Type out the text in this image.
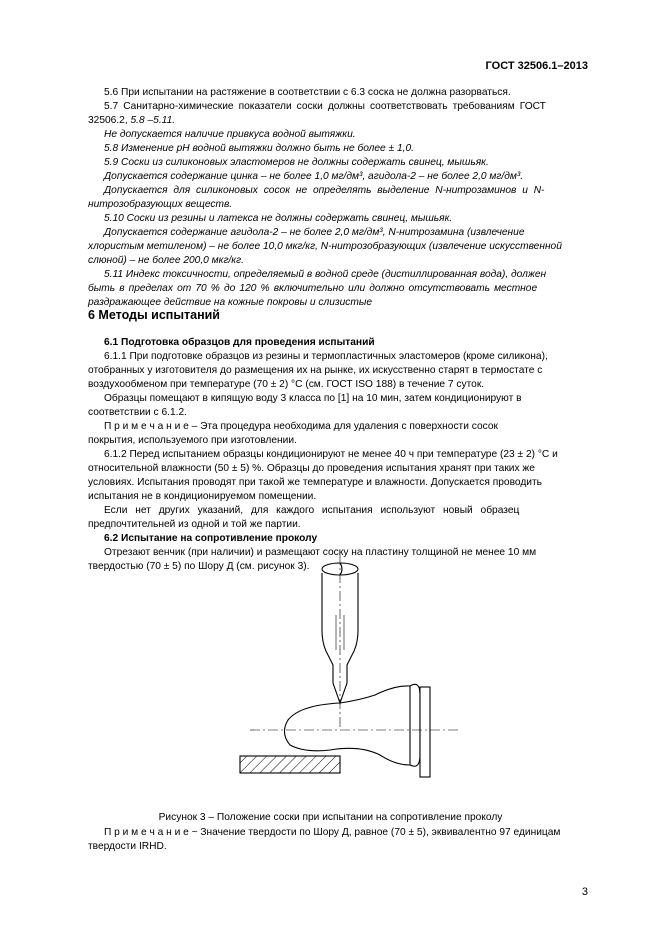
ГОСТ 32506.1–2013
5.6 При испытании на растяжение в соответствии с 6.3 соска не должна разорваться.
5.7 Санитарно-химические показатели соски должны соответствовать требованиям ГОСТ
32506.2, 5.8 –5.11.
Не допускается наличие привкуса водной вытяжки.
5.8 Изменение pH водной вытяжки должно быть не более ± 1,0.
5.9 Соски из силиконовых эластомеров не должны содержать свинец, мышьяк.
Допускается содержание цинка – не более 1,0 мг/дм³, агидола-2 – не более 2,0 мг/дм³.
Допускается для силиконовых сосок не определять выделение N-нитрозаминов и N-
нитрозобразующих веществ.
5.10 Соски из резины и латекса не должны содержать свинец, мышьяк.
Допускается содержание агидола-2 – не более 2,0 мг/дм³, N-нитрозамина (извлечение
хлористым метиленом) – не более 10,0 мкг/кг, N-нитрозобразующих (извлечение искусственной
слюной) – не более 200,0 мкг/кг.
5.11 Индекс токсичности, определяемый в водной среде (дистиллированная вода), должен
быть в пределах от 70 % до 120 % включительно или должно отсутствовать местное
раздражающее действие на кожные покровы и слизистые
6 Методы испытаний
6.1 Подготовка образцов для проведения испытаний
6.1.1 При подготовке образцов из резины и термопластичных эластомеров (кроме силикона),
отобранных у изготовителя до размещения их на рынке, их искусственно старят в термостате с
воздухообменом при температуре (70 ± 2) °С (см. ГОСТ ISO 188) в течение 7 суток.
Образцы помещают в кипящую воду 3 класса по [1] на 10 мин, затем кондиционируют в
соответствии с 6.1.2.
П р и м е ч а н и е – Эта процедура необходима для удаления с поверхности сосок
покрытия, используемого при изготовлении.
6.1.2 Перед испытанием образцы кондиционируют не менее 40 ч при температуре (23 ± 2) °С и
относительной влажности (50 ± 5) %. Образцы до проведения испытания хранят при таких же
условиях. Испытания проводят при такой же температуре и влажности. Допускается проводить
испытания не в кондиционируемом помещении.
Если нет других указаний, для каждого испытания используют новый образец
предпочтительней из одной и той же партии.
6.2 Испытание на сопротивление проколу
Отрезают венчик (при наличии) и размещают соску на пластину толщиной не менее 10 мм
твердостью (70 ± 5) по Шору Д (см. рисунок 3).
Рисунок 3 – Положение соски при испытании на сопротивление проколу
П р и м е ч а н и е ~ Значение твердости по Шору Д, равное (70 ± 5), эквивалентно 97 единицам
твердости IRHD.
3
